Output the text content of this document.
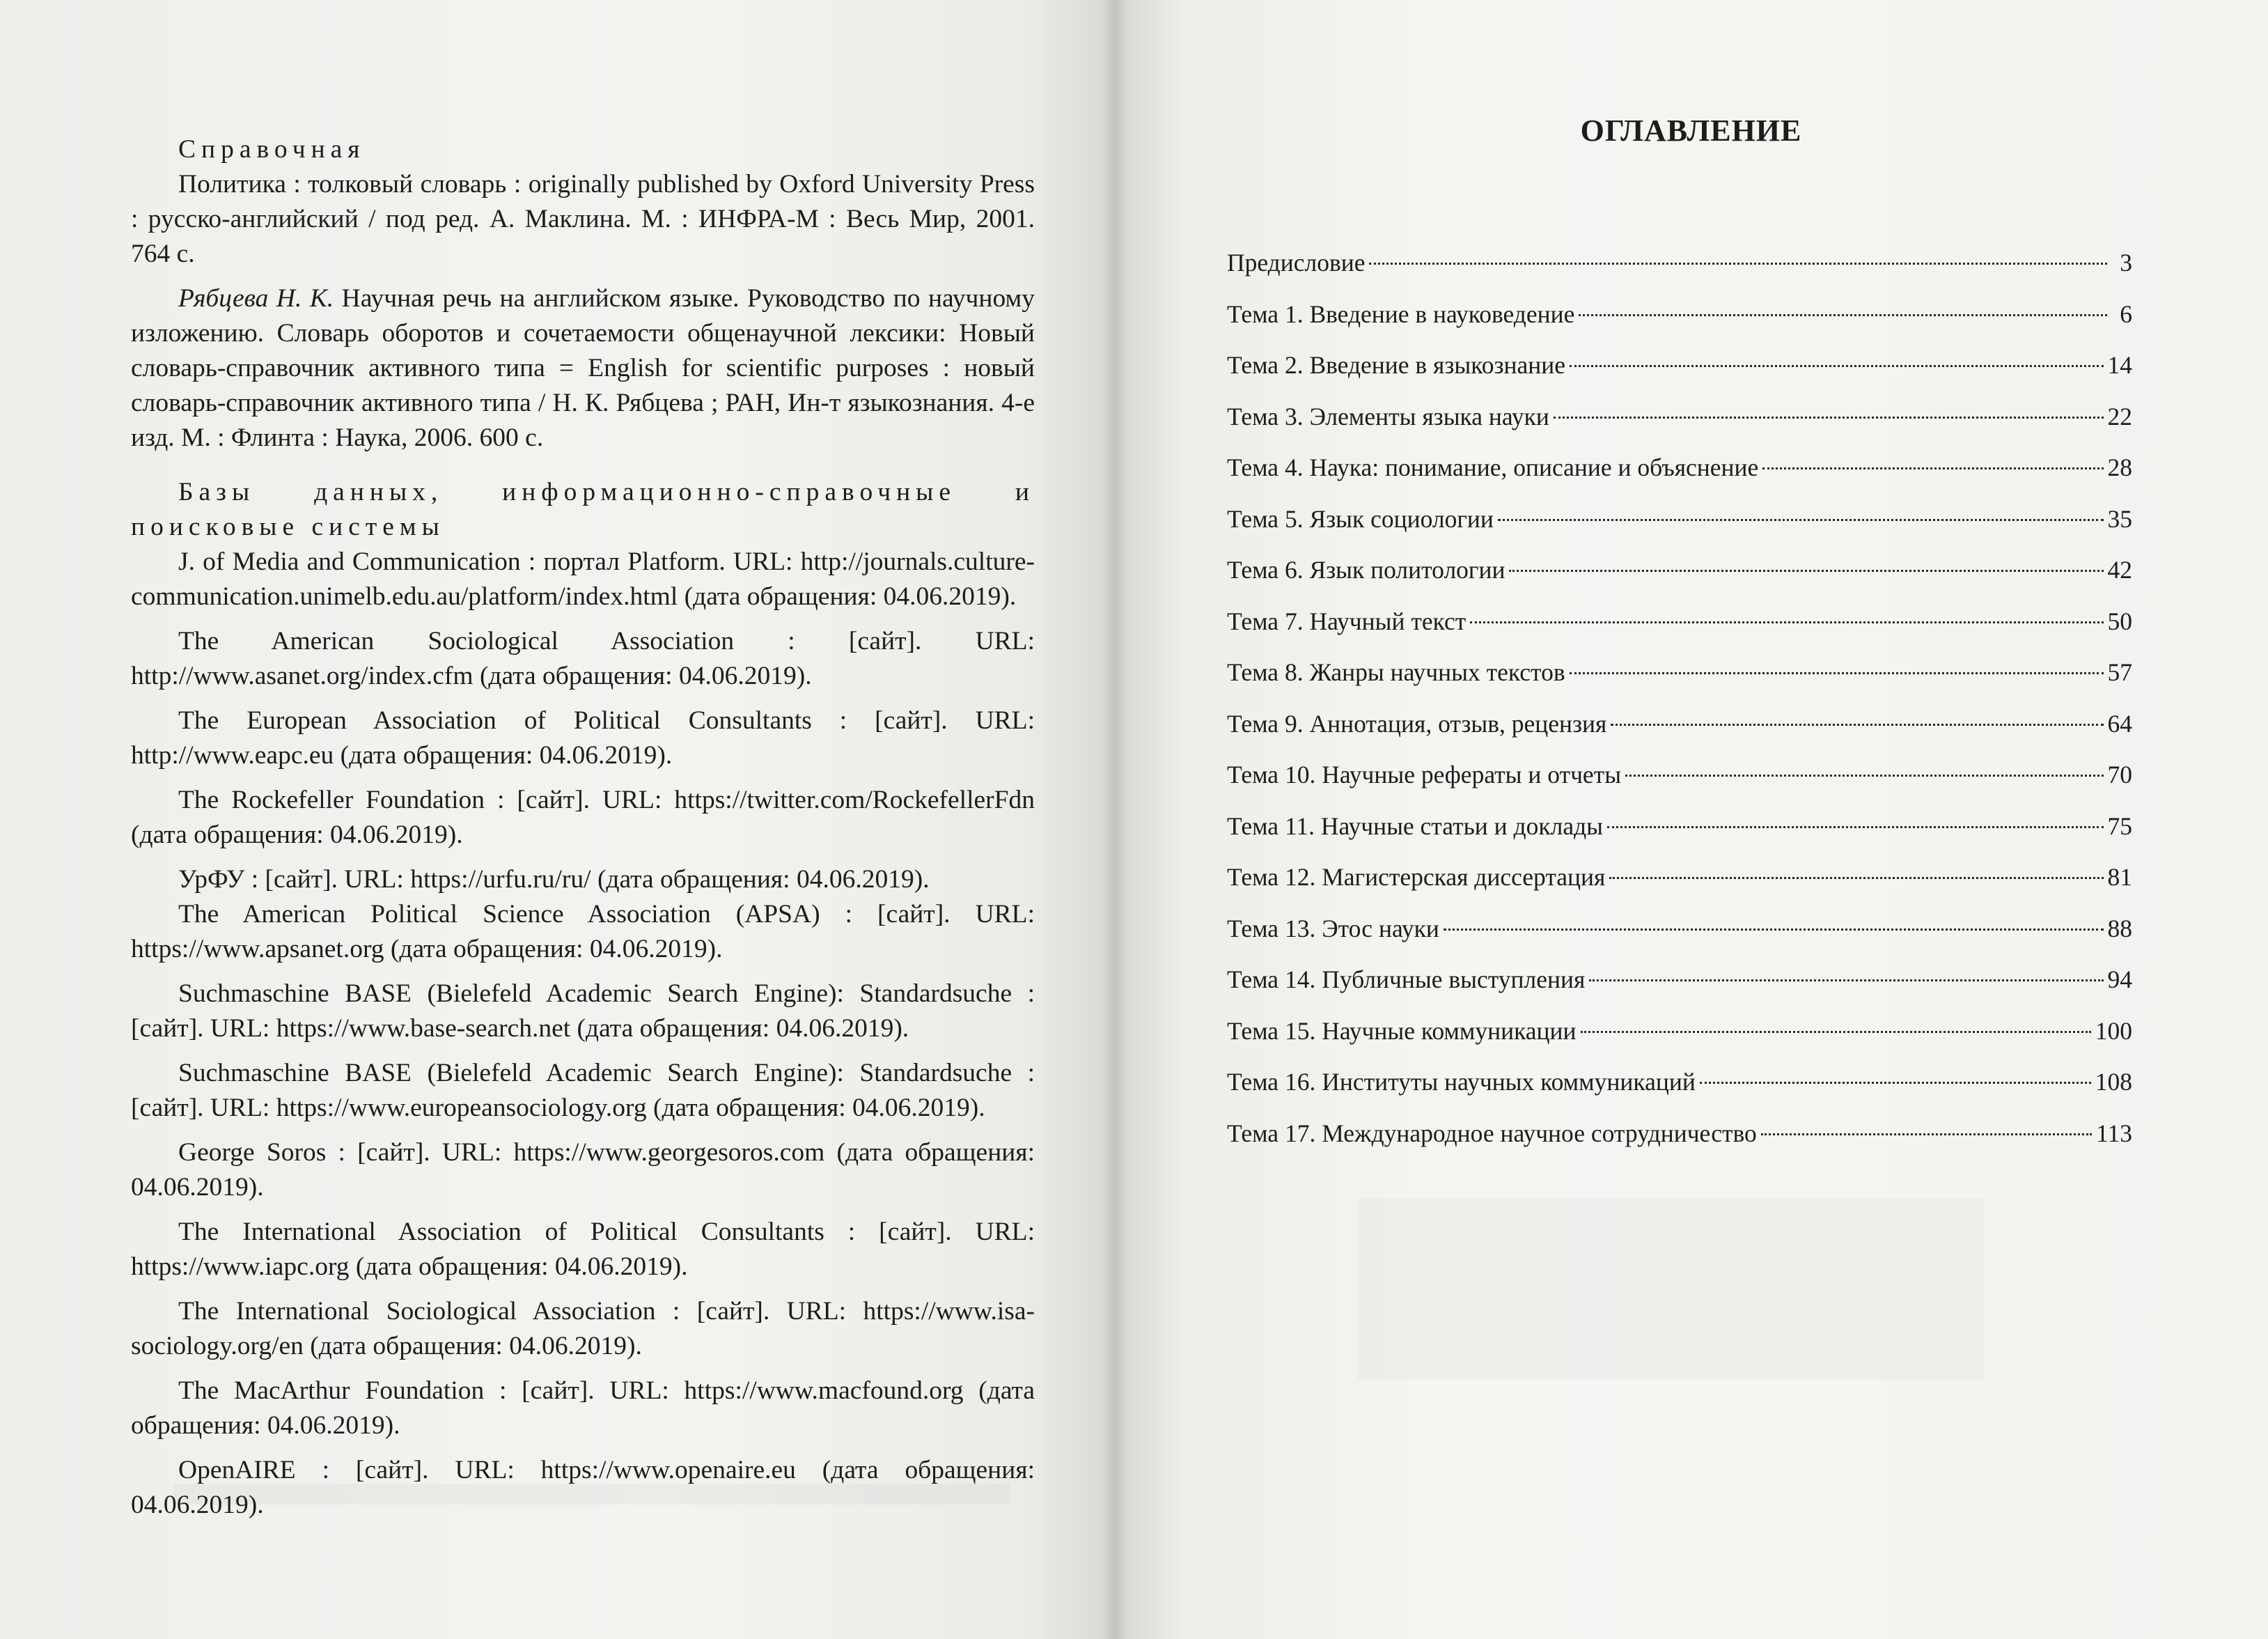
Справочная

Политика : толковый словарь : originally published by Oxford University Press : русско-английский / под ред. А. Маклина. М. : ИНФРА-М : Весь Мир, 2001. 764 с.

Рябцева Н. К. Научная речь на английском языке. Руководство по научному изложению. Словарь оборотов и сочетаемости общенаучной лексики: Новый словарь-справочник активного типа = English for scientific purposes : новый словарь-справочник активного типа / Н. К. Рябцева ; РАН, Ин-т языкознания. 4-е изд. М. : Флинта : Наука, 2006. 600 с.

Базы данных, информационно-справочные и поисковые системы

J. of Media and Communication : портал Platform. URL: http://journals.culture-communication.unimelb.edu.au/platform/index.html (дата обращения: 04.06.2019).

The American Sociological Association : [сайт]. URL: http://www.asanet.org/index.cfm (дата обращения: 04.06.2019).

The European Association of Political Consultants : [сайт]. URL: http://www.eapc.eu (дата обращения: 04.06.2019).

The Rockefeller Foundation : [сайт]. URL: https://twitter.com/RockefellerFdn (дата обращения: 04.06.2019).

УрФУ : [сайт]. URL: https://urfu.ru/ru/ (дата обращения: 04.06.2019).

The American Political Science Association (APSA) : [сайт]. URL: https://www.apsanet.org (дата обращения: 04.06.2019).

Suchmaschine BASE (Bielefeld Academic Search Engine): Standardsuche : [сайт]. URL: https://www.base-search.net (дата обращения: 04.06.2019).

Suchmaschine BASE (Bielefeld Academic Search Engine): Standardsuche : [сайт]. URL: https://www.europeansociology.org (дата обращения: 04.06.2019).

George Soros : [сайт]. URL: https://www.georgesoros.com (дата обращения: 04.06.2019).

The International Association of Political Consultants : [сайт]. URL: https://www.iapc.org (дата обращения: 04.06.2019).

The International Sociological Association : [сайт]. URL: https://www.isa-sociology.org/en (дата обращения: 04.06.2019).

The MacArthur Foundation : [сайт]. URL: https://www.macfound.org (дата обращения: 04.06.2019).

OpenAIRE : [сайт]. URL: https://www.openaire.eu (дата обращения: 04.06.2019).

ОГЛАВЛЕНИЕ
Предисловие	3
Тема 1. Введение в науковедение	6
Тема 2. Введение в языкознание	14
Тема 3. Элементы языка науки	22
Тема 4. Наука: понимание, описание и объяснение	28
Тема 5. Язык социологии	35
Тема 6. Язык политологии	42
Тема 7. Научный текст	50
Тема 8. Жанры научных текстов	57
Тема 9. Аннотация, отзыв, рецензия	64
Тема 10. Научные рефераты и отчеты	70
Тема 11. Научные статьи и доклады	75
Тема 12. Магистерская диссертация	81
Тема 13. Этос науки	88
Тема 14. Публичные выступления	94
Тема 15. Научные коммуникации	100
Тема 16. Институты научных коммуникаций	108
Тема 17. Международное научное сотрудничество	113
